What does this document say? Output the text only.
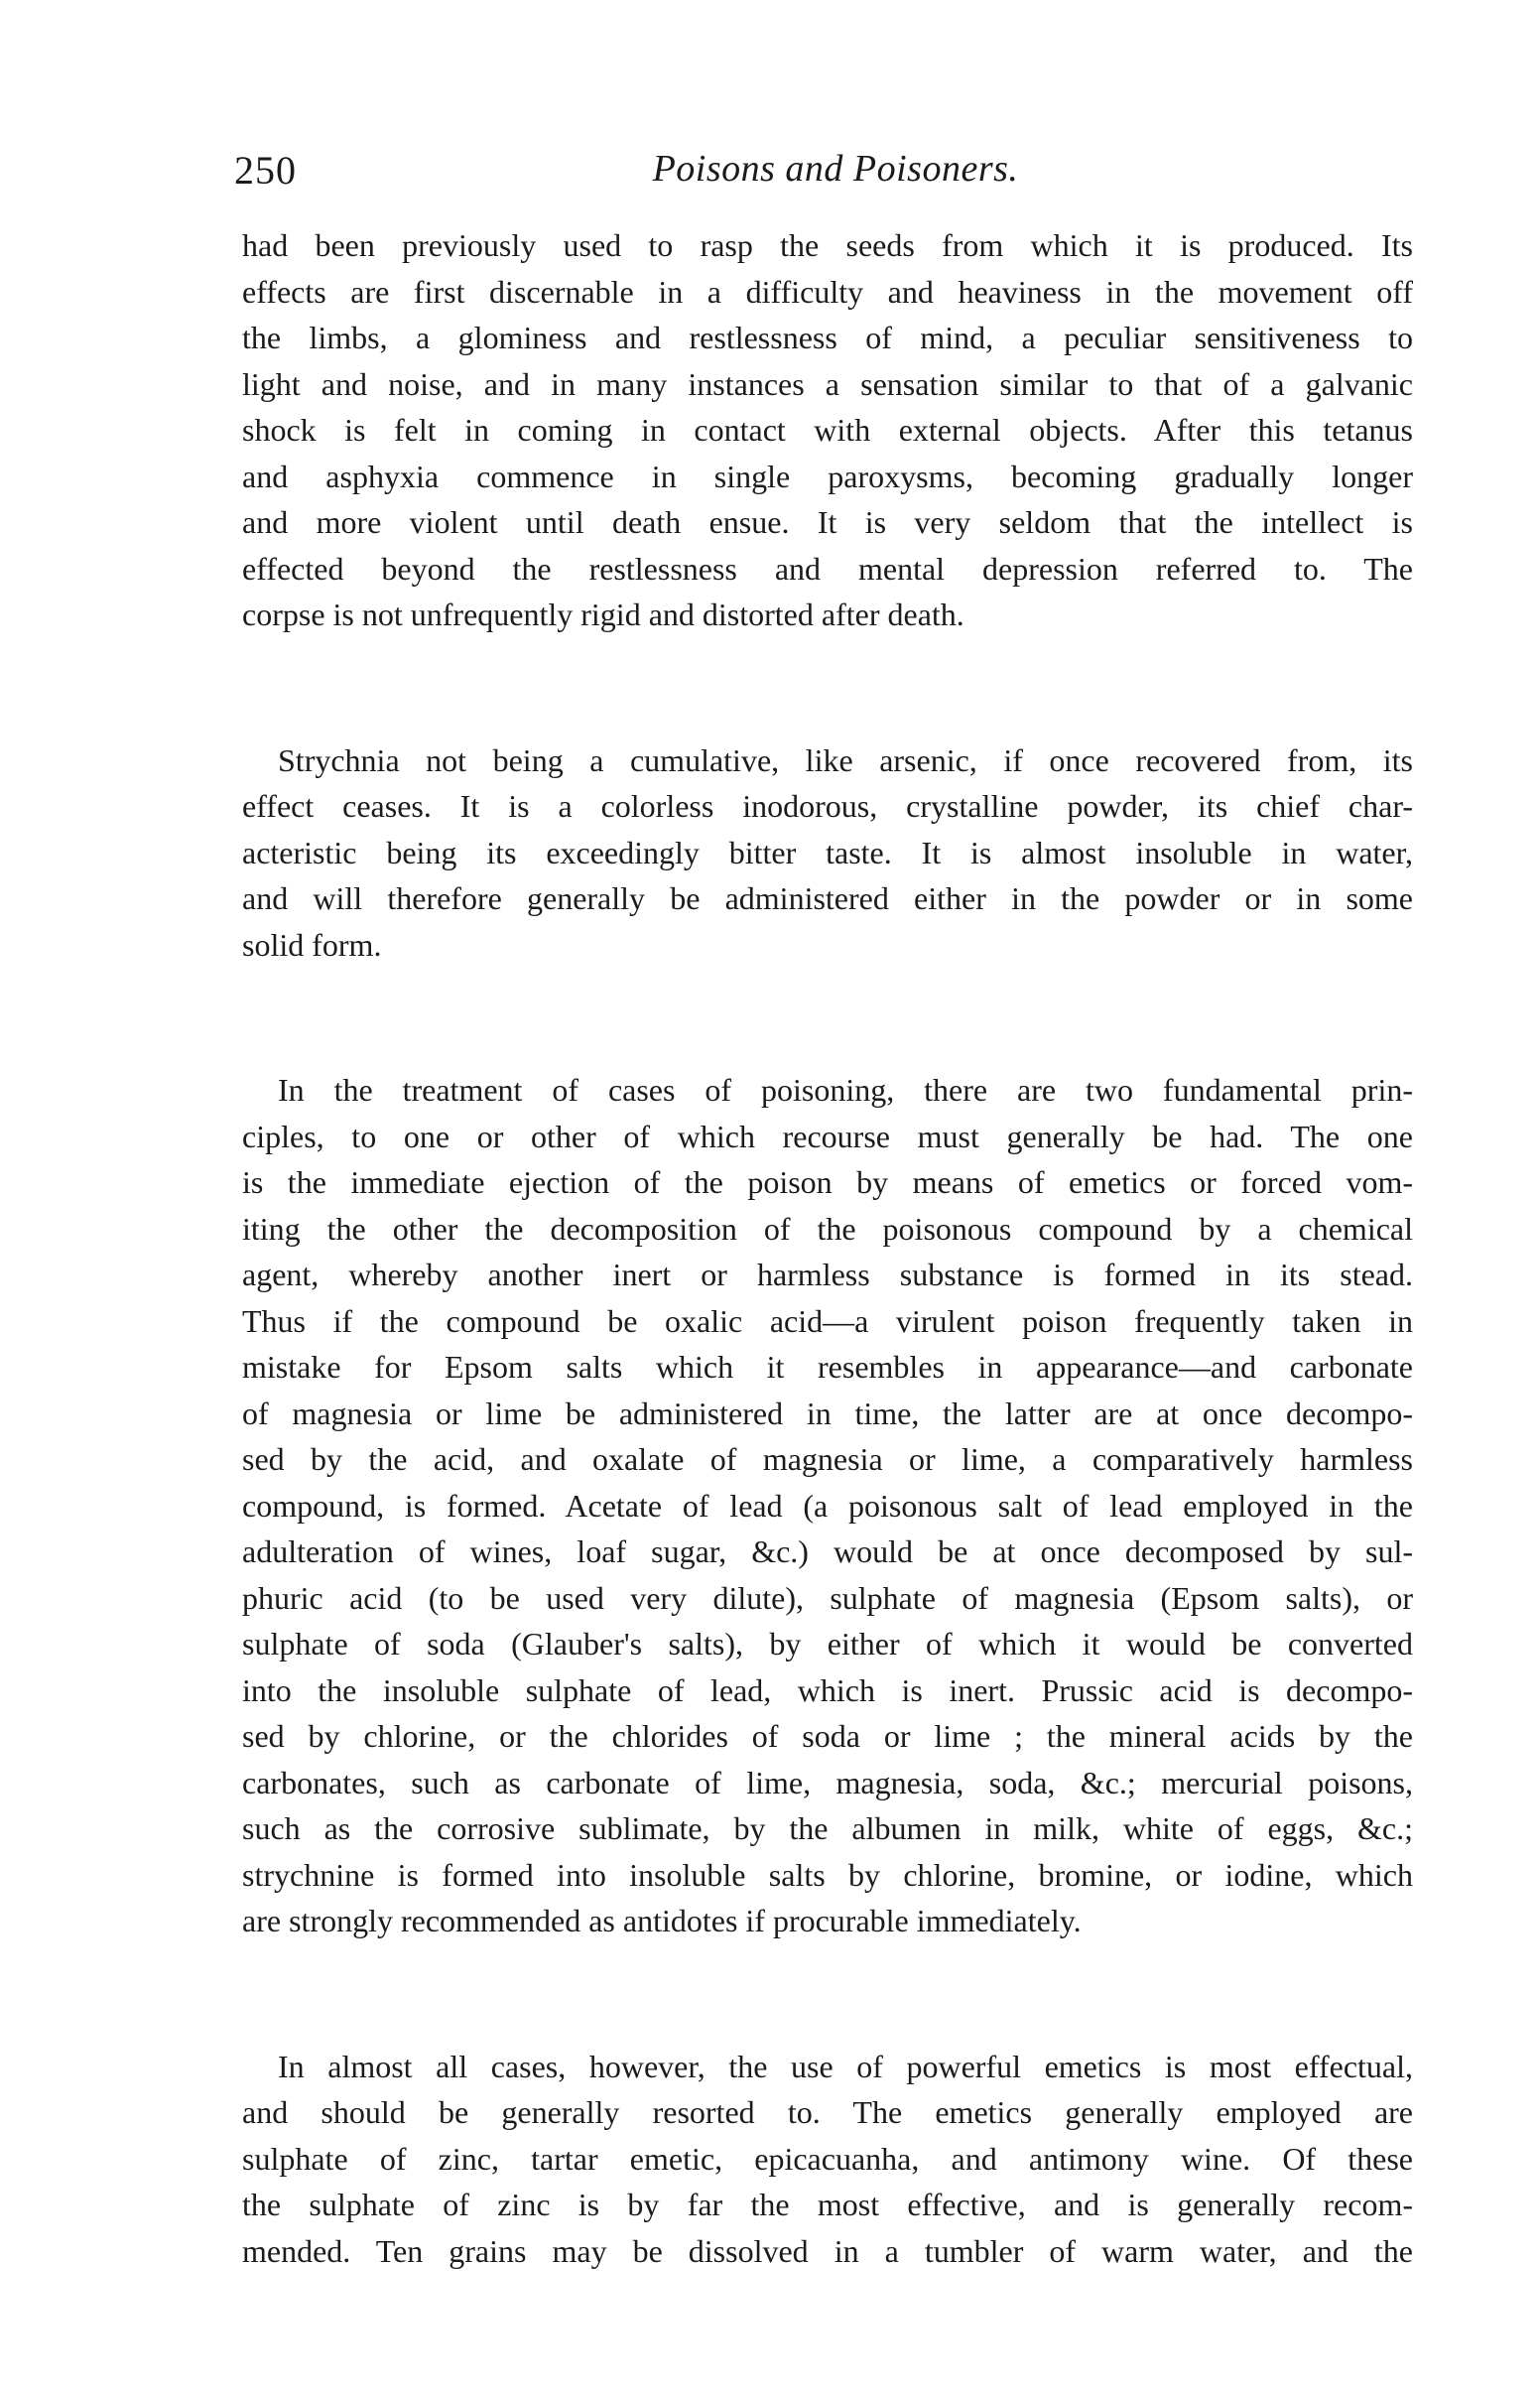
250	Poisons and Poisoners.
had been previously used to rasp the seeds from which it is produced. Its
effects are first discernable in a difficulty and heaviness in the movement off
the limbs, a glominess and restlessness of mind, a peculiar sensitiveness to
light and noise, and in many instances a sensation similar to that of a galvanic
shock is felt in coming in contact with external objects. After this tetanus
and asphyxia commence in single paroxysms, becoming gradually longer
and more violent until death ensue. It is very seldom that the intellect is
effected beyond the restlessness and mental depression referred to. The
corpse is not unfrequently rigid and distorted after death.
Strychnia not being a cumulative, like arsenic, if once recovered from, its
effect ceases. It is a colorless inodorous, crystalline powder, its chief char-
acteristic being its exceedingly bitter taste. It is almost insoluble in water,
and will therefore generally be administered either in the powder or in some
solid form.
In the treatment of cases of poisoning, there are two fundamental prin-
ciples, to one or other of which recourse must generally be had. The one
is the immediate ejection of the poison by means of emetics or forced vom-
iting the other the decomposition of the poisonous compound by a chemical
agent, whereby another inert or harmless substance is formed in its stead.
Thus if the compound be oxalic acid—a virulent poison frequently taken in
mistake for Epsom salts which it resembles in appearance—and carbonate
of magnesia or lime be administered in time, the latter are at once decompo-
sed by the acid, and oxalate of magnesia or lime, a comparatively harmless
compound, is formed. Acetate of lead (a poisonous salt of lead employed in the
adulteration of wines, loaf sugar, &c.) would be at once decomposed by sul-
phuric acid (to be used very dilute), sulphate of magnesia (Epsom salts), or
sulphate of soda (Glauber's salts), by either of which it would be converted
into the insoluble sulphate of lead, which is inert. Prussic acid is decompo-
sed by chlorine, or the chlorides of soda or lime ; the mineral acids by the
carbonates, such as carbonate of lime, magnesia, soda, &c.; mercurial poisons,
such as the corrosive sublimate, by the albumen in milk, white of eggs, &c.;
strychnine is formed into insoluble salts by chlorine, bromine, or iodine, which
are strongly recommended as antidotes if procurable immediately.
In almost all cases, however, the use of powerful emetics is most effectual,
and should be generally resorted to. The emetics generally employed are
sulphate of zinc, tartar emetic, epicacuanha, and antimony wine. Of these
the sulphate of zinc is by far the most effective, and is generally recom-
mended. Ten grains may be dissolved in a tumbler of warm water, and the
